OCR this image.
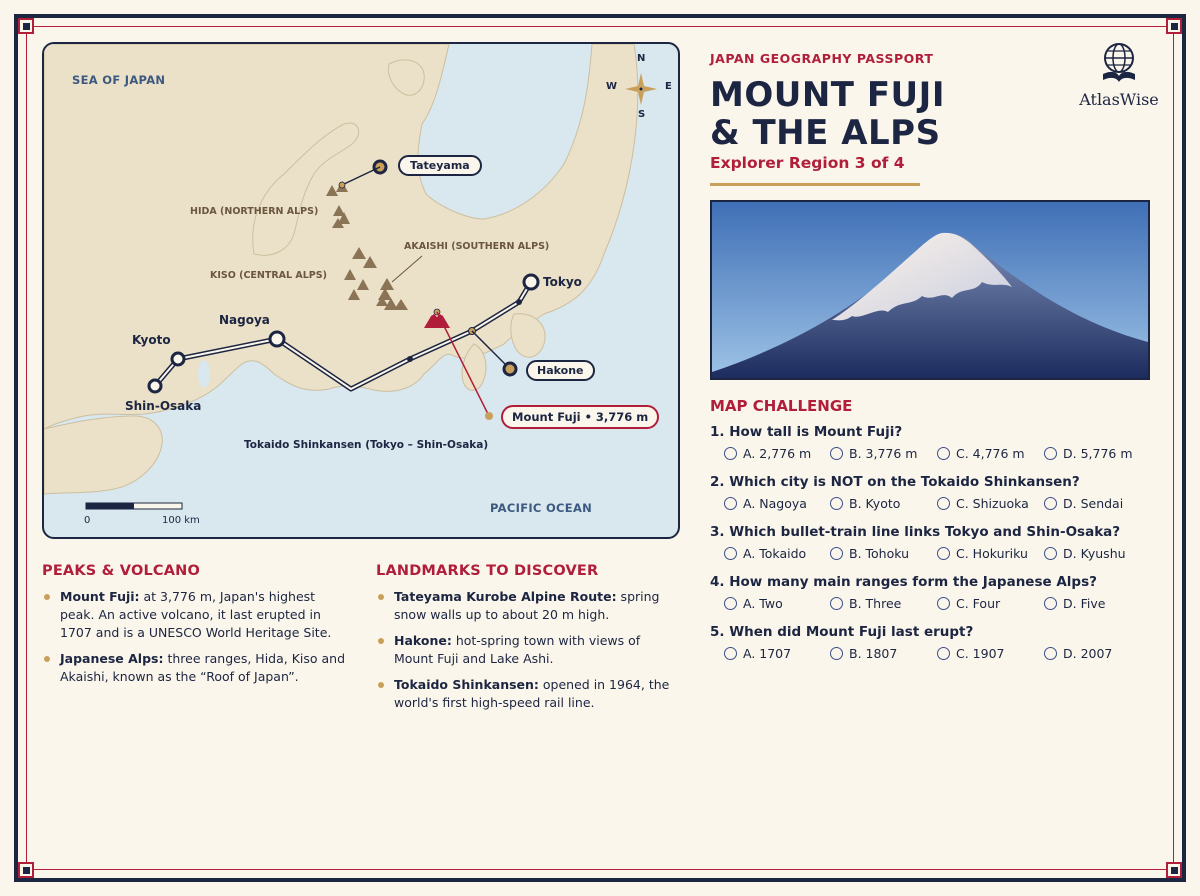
SEA OF JAPAN
PACIFIC OCEAN
N
S
E
W
HIDA (NORTHERN ALPS)
KISO (CENTRAL ALPS)
AKAISHI (SOUTHERN ALPS)
Tateyama
Tokyo
Nagoya
Kyoto
Shin-Osaka
Hakone
Mount Fuji • 3,776 m
Tokaido Shinkansen (Tokyo – Shin-Osaka)
0	100 km
PEAKS & VOLCANO
Mount Fuji: at 3,776 m, Japan's highest peak. An active volcano, it last erupted in 1707 and is a UNESCO World Heritage Site.
Japanese Alps: three ranges, Hida, Kiso and Akaishi, known as the “Roof of Japan”.
LANDMARKS TO DISCOVER
Tateyama Kurobe Alpine Route: spring snow walls up to about 20 m high.
Hakone: hot-spring town with views of Mount Fuji and Lake Ashi.
Tokaido Shinkansen: opened in 1964, the world's first high-speed rail line.
JAPAN GEOGRAPHY PASSPORT
MOUNT FUJI
& THE ALPS
Explorer Region 3 of 4
AtlasWise
MAP CHALLENGE
1. How tall is Mount Fuji?
A. 2,776 m	B. 3,776 m	C. 4,776 m	D. 5,776 m
2. Which city is NOT on the Tokaido Shinkansen?
A. Nagoya	B. Kyoto	C. Shizuoka	D. Sendai
3. Which bullet-train line links Tokyo and Shin-Osaka?
A. Tokaido	B. Tohoku	C. Hokuriku	D. Kyushu
4. How many main ranges form the Japanese Alps?
A. Two	B. Three	C. Four	D. Five
5. When did Mount Fuji last erupt?
A. 1707	B. 1807	C. 1907	D. 2007
